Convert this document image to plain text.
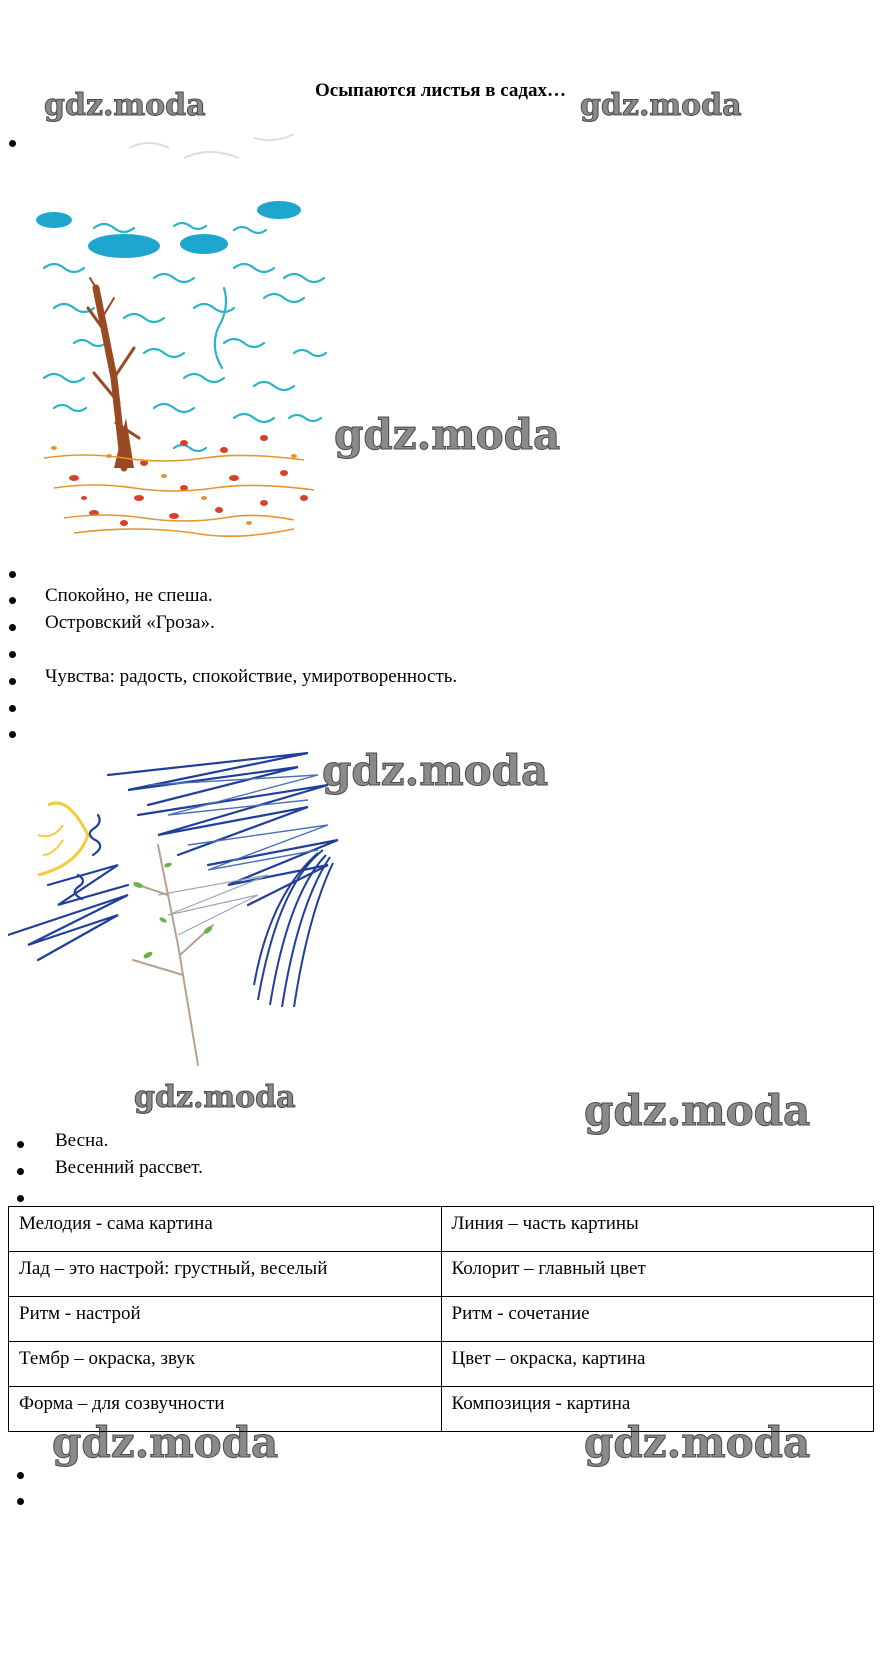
Осыпаются листья в садах…
gdz.moda	gdz.moda
gdz.moda
gdz.moda
gdz.moda	gdz.moda
gdz.moda	gdz.moda
Спокойно, не спеша.
Островский «Гроза».
Чувства: радость, спокойствие, умиротворенность.
Весна.
Весенний рассвет.
Мелодия - сама картина	Линия – часть картины
Лад – это настрой: грустный, веселый	Колорит – главный цвет
Ритм - настрой	Ритм - сочетание
Тембр – окраска, звук	Цвет – окраска, картина
Форма – для созвучности	Композиция - картина
